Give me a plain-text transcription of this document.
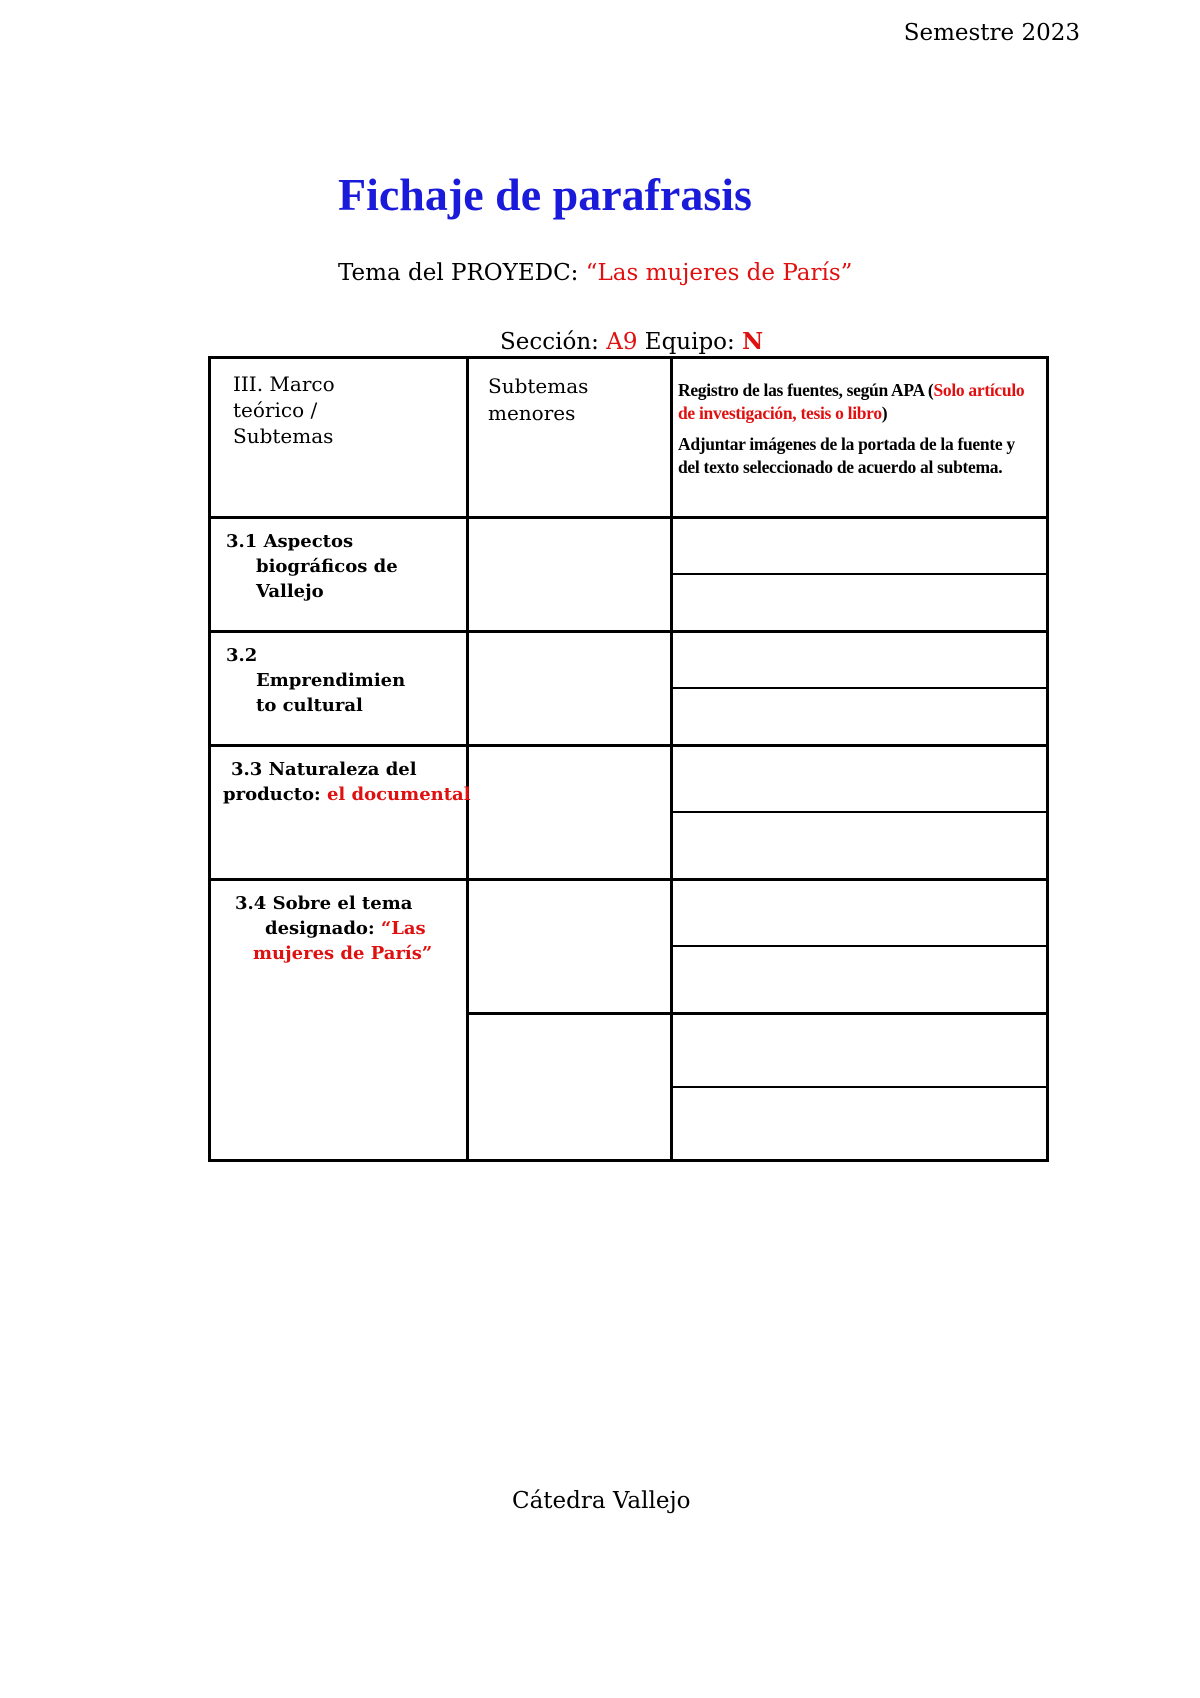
Semestre 2023
Fichaje de parafrasis
Tema del PROYEDC: “Las mujeres de París”
Sección: A9 Equipo: N
III. Marco
teórico /
Subtemas
Subtemas
menores

Registro de las fuentes, según APA (Solo artículo de investigación, tesis o libro)

Adjuntar imágenes de la portada de la fuente y del texto seleccionado de acuerdo al subtema.

3.1 Aspectos
biográficos de
Vallejo
3.2
Emprendimien
to cultural
3.3 Naturaleza del
producto: el documental
3.4 Sobre el tema
designado: “Las
mujeres de París”
Cátedra Vallejo
